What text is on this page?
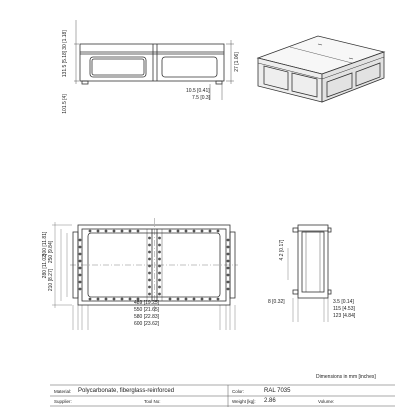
30 [1.18]
131.5 [5.18]
101.5 [4]
27 [1.06]
10.5 [0.41]
7.5 [0.3]
300 [11.81]
280 [11.02]
250 [9.84]
210 [8.27]
489 [19.25]
550 [21.65]
580 [22.83]
600 [23.62]
4.2 [0.17]
8 [0.32]	3.5 [0.14]
115 [4.53]
123 [4.84]
Dimensions in mm [inches]
Material: Polycarbonate, fiberglass-reinforced	Color:	RAL 7035
Supplier:	Tool No:	Weight [kg]: 2.86	Volume:
